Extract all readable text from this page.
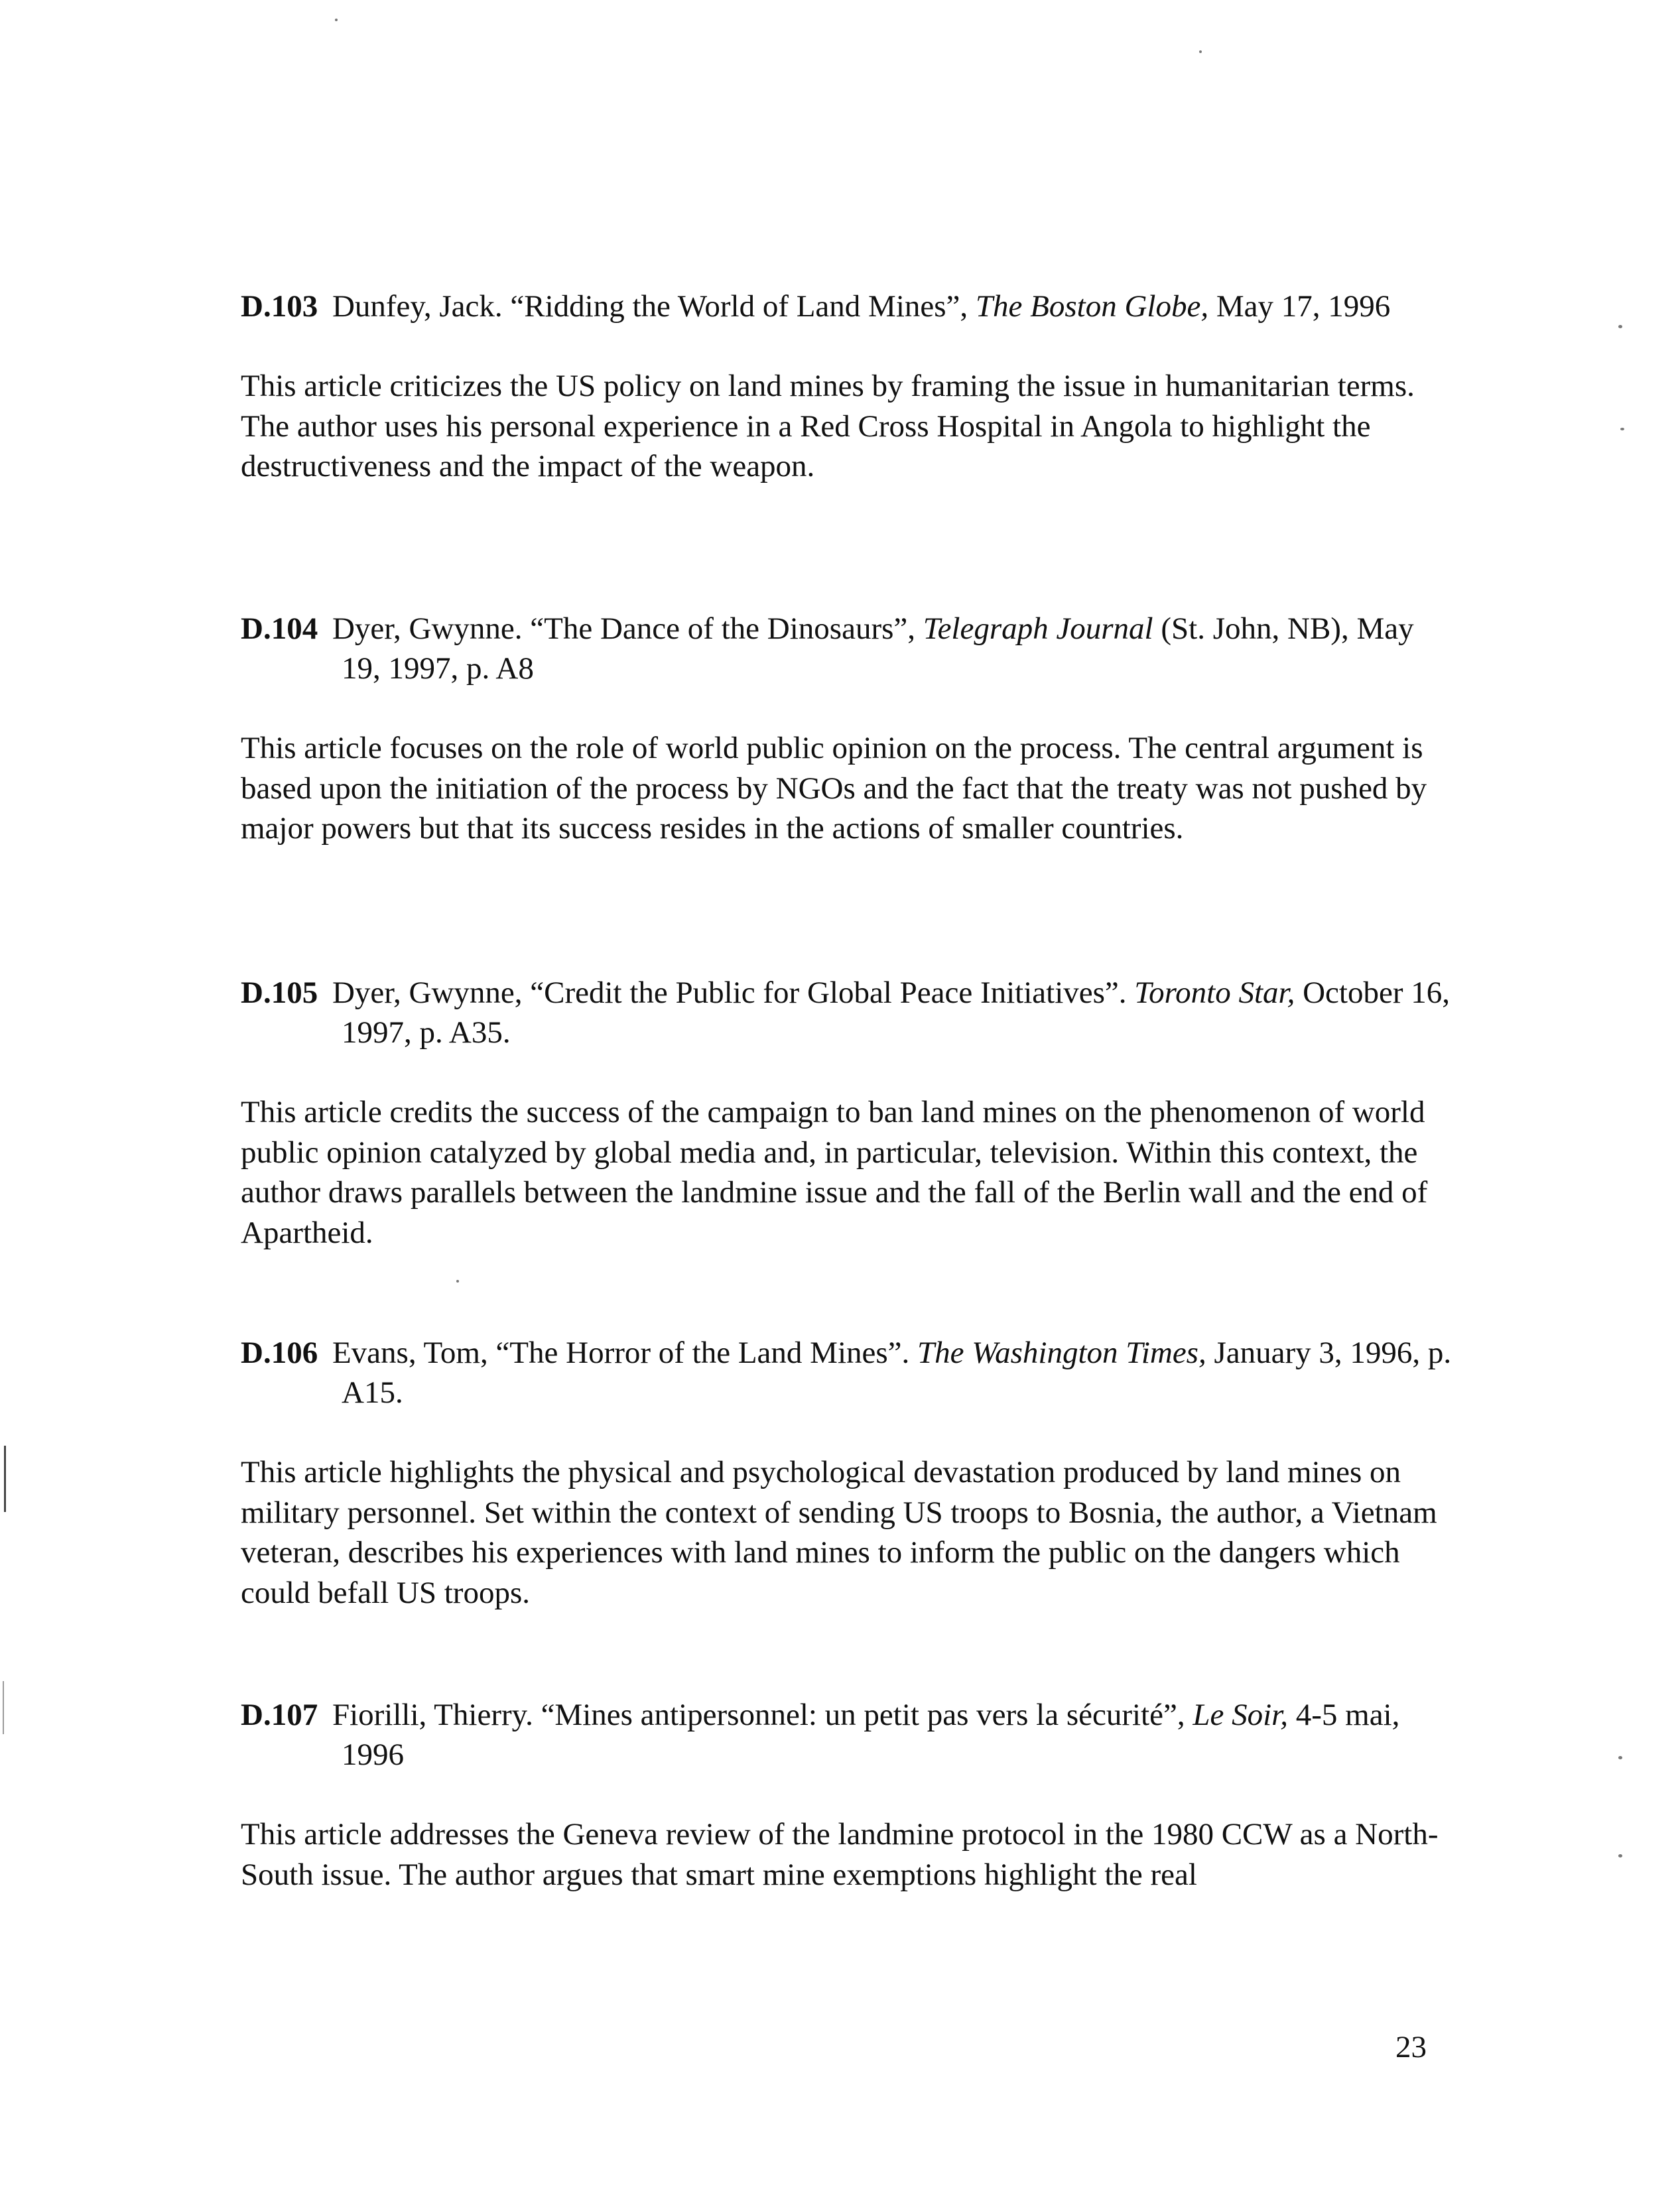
D.103 Dunfey, Jack. “Ridding the World of Land Mines”, The Boston Globe, May 17, 1996

This article criticizes the US policy on land mines by framing the issue in humanitarian terms. The author uses his personal experience in a Red Cross Hospital in Angola to highlight the destructiveness and the impact of the weapon.

D.104 Dyer, Gwynne. “The Dance of the Dinosaurs”, Telegraph Journal (St. John, NB), May 19, 1997, p. A8

This article focuses on the role of world public opinion on the process. The central argument is based upon the initiation of the process by NGOs and the fact that the treaty was not pushed by major powers but that its success resides in the actions of smaller countries.

D.105 Dyer, Gwynne, “Credit the Public for Global Peace Initiatives”. Toronto Star, October 16, 1997, p. A35.

This article credits the success of the campaign to ban land mines on the phenomenon of world public opinion catalyzed by global media and, in particular, television. Within this context, the author draws parallels between the landmine issue and the fall of the Berlin wall and the end of Apartheid.

D.106 Evans, Tom, “The Horror of the Land Mines”. The Washington Times, January 3, 1996, p. A15.

This article highlights the physical and psychological devastation produced by land mines on military personnel. Set within the context of sending US troops to Bosnia, the author, a Vietnam veteran, describes his experiences with land mines to inform the public on the dangers which could befall US troops.

D.107 Fiorilli, Thierry. “Mines antipersonnel: un petit pas vers la sécurité”, Le Soir, 4-5 mai, 1996

This article addresses the Geneva review of the landmine protocol in the 1980 CCW as a North-South issue. The author argues that smart mine exemptions highlight the real

23
